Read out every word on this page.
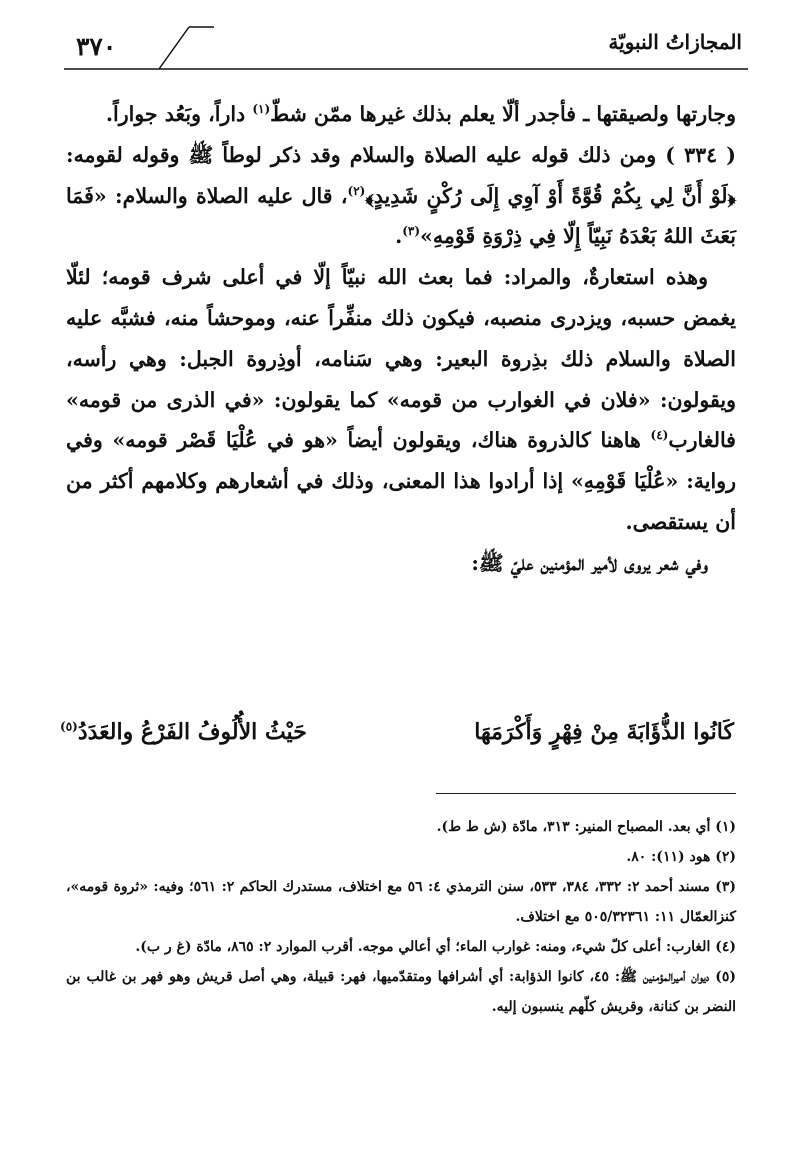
المجازاتُ النبويّة
٣٧٠

وجارتها ولصيقتها ـ فأجدر ألّا يعلم بذلك غيرها ممّن شطّ$^{(١)}$ داراً، وبَعُد جواراً.

( ٣٣٤ ) ومن ذلك قوله عليه الصلاة والسلام وقد ذكر لوطاً ﷺ وقوله لقومه: ﴿لَوْ أَنَّ لِي بِكُمْ قُوَّةً أَوْ آوِي إِلَى رُكْنٍ شَدِيدٍ﴾$^{(٢)}$، قال عليه الصلاة والسلام: «فَمَا بَعَثَ اللهُ بَعْدَهُ نَبِيّاً إِلّا فِي ذِرْوَةِ قَوْمِهِ»$^{(٣)}$.

وهذه استعارةٌ، والمراد: فما بعث الله نبيّاً إلّا في أعلى شرف قومه؛ لئلّا يغمض حسبه، ويزدرى منصبه، فيكون ذلك منفِّراً عنه، وموحشاً منه، فشبَّه عليه الصلاة والسلام ذلك بذِروة البعير: وهي سَنامه، أوذِروة الجبل: وهي رأسه، ويقولون: «فلان في الغوارب من قومه» كما يقولون: «في الذرى من قومه» فالغارب$^{(٤)}$ هاهنا كالذروة هناك، ويقولون أيضاً «هو في عُلْيَا قَصْر قومه» وفي رواية: «عُلْيَا قَوْمِهِ» إذا أرادوا هذا المعنى، وذلك في أشعارهم وكلامهم أكثر من أن يستقصى.

وفي شعر يروى لأمير المؤمنين عليّ ﷺ:

كَانُوا الذُّؤَابَةَ مِنْ فِهْرٍ وَأَكْرَمَهَا
حَيْثُ الأُلُوفُ الفَرْعُ والعَدَدُ$^{(٥)}$

(١) أي بعد. المصباح المنير: ٣١٣، مادّة (ش ط ط).

(٢) هود (١١): ٨٠.

(٣) مسند أحمد ٢: ٣٣٢، ٣٨٤، ٥٣٣، سنن الترمذي ٤: ٥٦ مع اختلاف، مستدرك الحاكم ٢: ٥٦١؛ وفيه: «ثروة قومه»، كنزالعمّال ١١: ٥٠٥/٣٢٣٦١ مع اختلاف.

(٤) الغارب: أعلى كلّ شيء، ومنه: غوارب الماء؛ أي أعالي موجه. أقرب الموارد ٢: ٨٦٥، مادّة (غ ر ب).

(٥) ديوان أميرالمؤمنين ﷺ: ٤٥، كانوا الذؤابة: أي أشرافها ومتقدّميها، فهر: قبيلة، وهي أصل قريش وهو فهر بن غالب بن النضر بن كنانة، وقريش كلّهم ينسبون إليه.
